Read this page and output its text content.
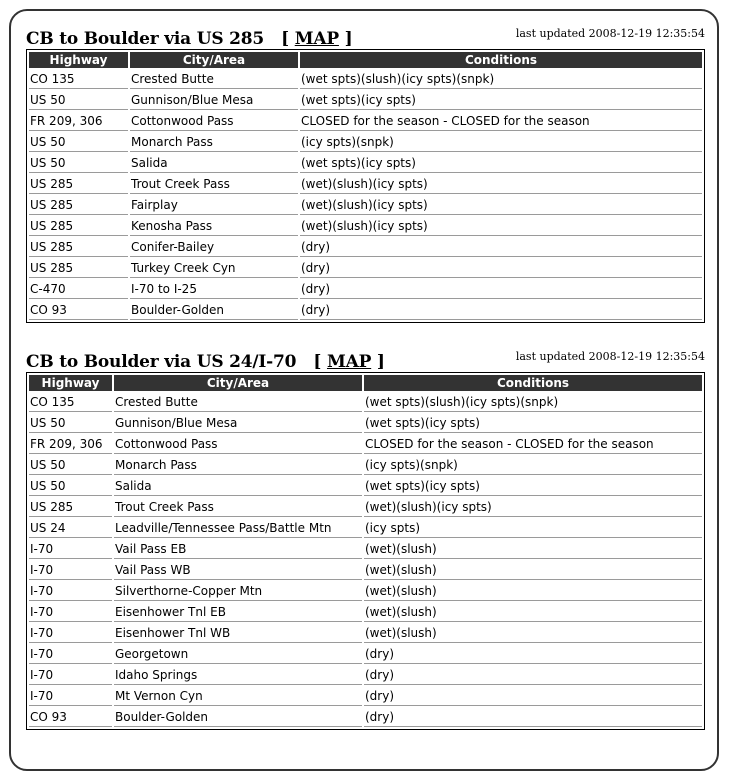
CB to Boulder via US 285 [ MAP ]	last updated 2008-12-19 12:35:54
Highway	City/Area	Conditions
CO 135	Crested Butte	(wet spts)(slush)(icy spts)(snpk)
US 50	Gunnison/Blue Mesa	(wet spts)(icy spts)
FR 209, 306	Cottonwood Pass	CLOSED for the season - CLOSED for the season
US 50	Monarch Pass	(icy spts)(snpk)
US 50	Salida	(wet spts)(icy spts)
US 285	Trout Creek Pass	(wet)(slush)(icy spts)
US 285	Fairplay	(wet)(slush)(icy spts)
US 285	Kenosha Pass	(wet)(slush)(icy spts)
US 285	Conifer-Bailey	(dry)
US 285	Turkey Creek Cyn	(dry)
C-470	I-70 to I-25	(dry)
CO 93	Boulder-Golden	(dry)
CB to Boulder via US 24/I-70 [ MAP ]	last updated 2008-12-19 12:35:54
Highway	City/Area	Conditions
CO 135	Crested Butte	(wet spts)(slush)(icy spts)(snpk)
US 50	Gunnison/Blue Mesa	(wet spts)(icy spts)
FR 209, 306	Cottonwood Pass	CLOSED for the season - CLOSED for the season
US 50	Monarch Pass	(icy spts)(snpk)
US 50	Salida	(wet spts)(icy spts)
US 285	Trout Creek Pass	(wet)(slush)(icy spts)
US 24	Leadville/Tennessee Pass/Battle Mtn	(icy spts)
I-70	Vail Pass EB	(wet)(slush)
I-70	Vail Pass WB	(wet)(slush)
I-70	Silverthorne-Copper Mtn	(wet)(slush)
I-70	Eisenhower Tnl EB	(wet)(slush)
I-70	Eisenhower Tnl WB	(wet)(slush)
I-70	Georgetown	(dry)
I-70	Idaho Springs	(dry)
I-70	Mt Vernon Cyn	(dry)
CO 93	Boulder-Golden	(dry)
